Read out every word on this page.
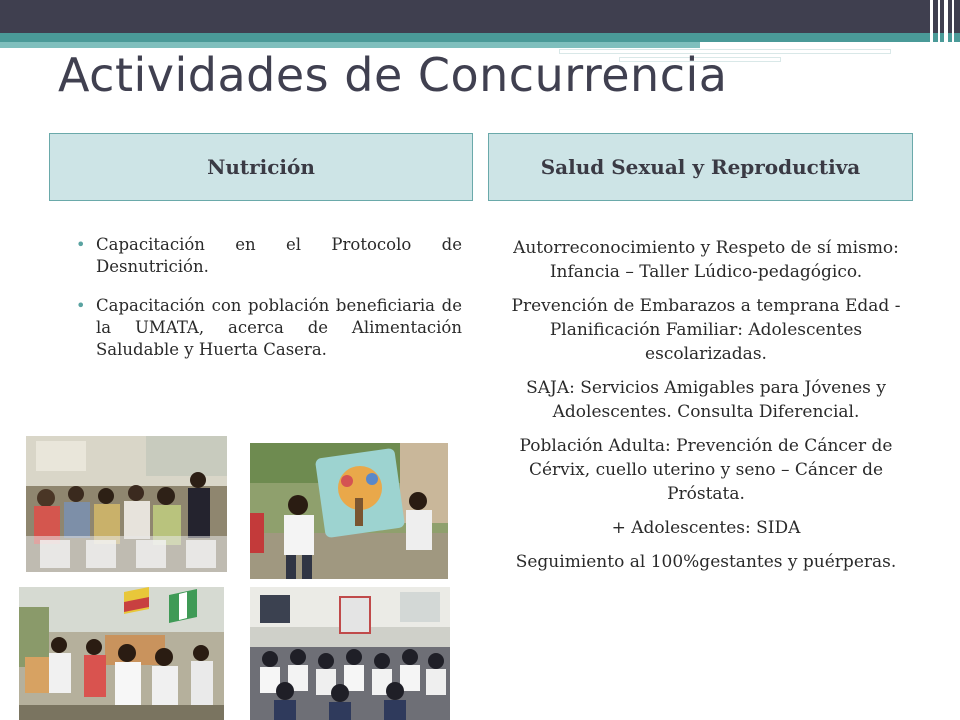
Actividades de Concurrencia
Nutrición	Salud Sexual y Reproductiva
• Capacitación en el Protocolo de Desnutrición.
• Capacitación con población beneficiaria de la UMATA, acerca de Alimentación Saludable y Huerta Casera.

Autorreconocimiento y Respeto de sí mismo: Infancia – Taller Lúdico-pedagógico.

Prevención de Embarazos a temprana Edad - Planificación Familiar: Adolescentes escolarizadas.

SAJA: Servicios Amigables para Jóvenes y Adolescentes. Consulta Diferencial.

Población Adulta: Prevención de Cáncer de Cérvix, cuello uterino y seno – Cáncer de Próstata.

+ Adolescentes: SIDA

Seguimiento al 100%gestantes y puérperas.
